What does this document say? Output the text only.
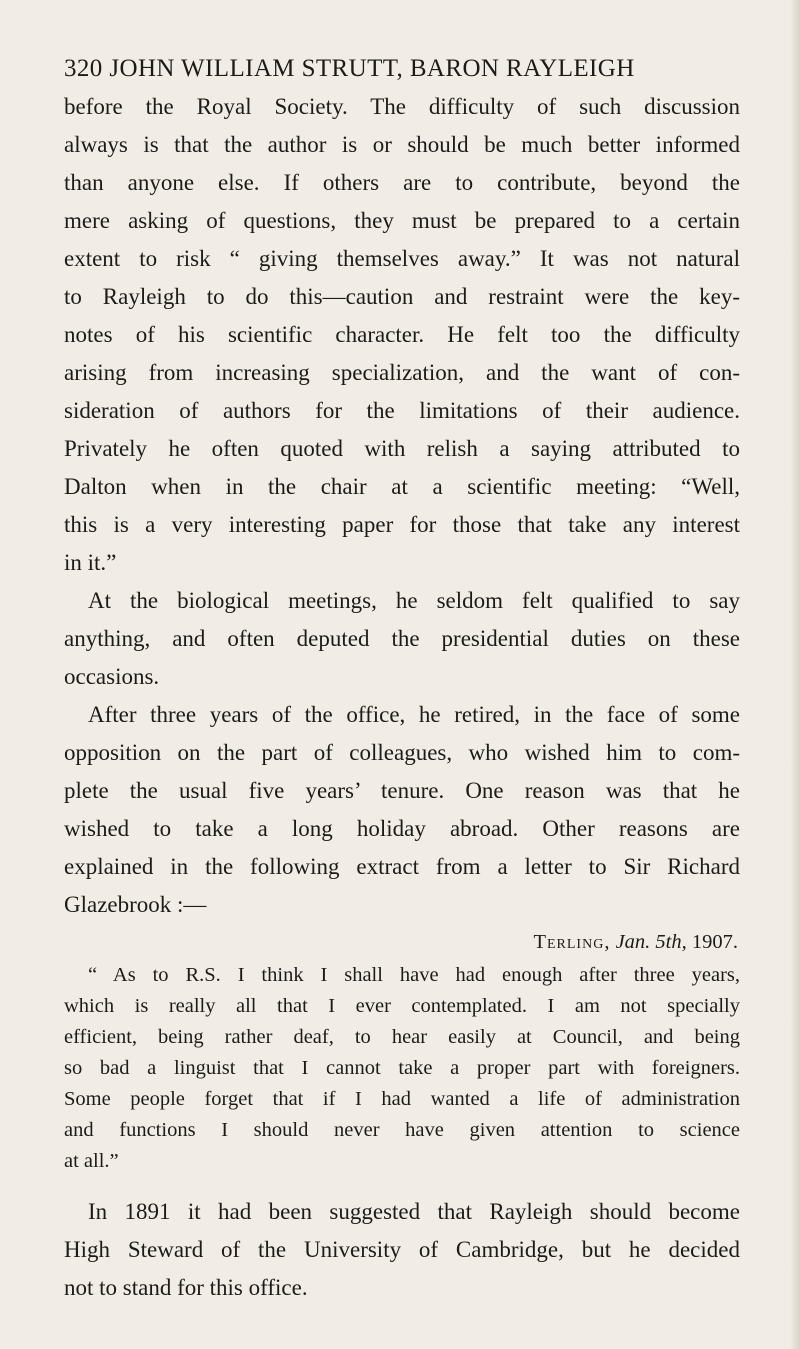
320 JOHN WILLIAM STRUTT, BARON RAYLEIGH
before the Royal Society. The difficulty of such discussion
always is that the author is or should be much better informed
than anyone else. If others are to contribute, beyond the
mere asking of questions, they must be prepared to a certain
extent to risk “ giving themselves away.” It was not natural
to Rayleigh to do this—caution and restraint were the key-
notes of his scientific character. He felt too the difficulty
arising from increasing specialization, and the want of con-
sideration of authors for the limitations of their audience.
Privately he often quoted with relish a saying attributed to
Dalton when in the chair at a scientific meeting: “Well,
this is a very interesting paper for those that take any interest
in it.”
At the biological meetings, he seldom felt qualified to say
anything, and often deputed the presidential duties on these
occasions.
After three years of the office, he retired, in the face of some
opposition on the part of colleagues, who wished him to com-
plete the usual five years’ tenure. One reason was that he
wished to take a long holiday abroad. Other reasons are
explained in the following extract from a letter to Sir Richard
Glazebrook :—
Terling, Jan. 5th, 1907.
“ As to R.S. I think I shall have had enough after three years,
which is really all that I ever contemplated. I am not specially
efficient, being rather deaf, to hear easily at Council, and being
so bad a linguist that I cannot take a proper part with foreigners.
Some people forget that if I had wanted a life of administration
and functions I should never have given attention to science
at all.”
In 1891 it had been suggested that Rayleigh should become
High Steward of the University of Cambridge, but he decided
not to stand for this office.
